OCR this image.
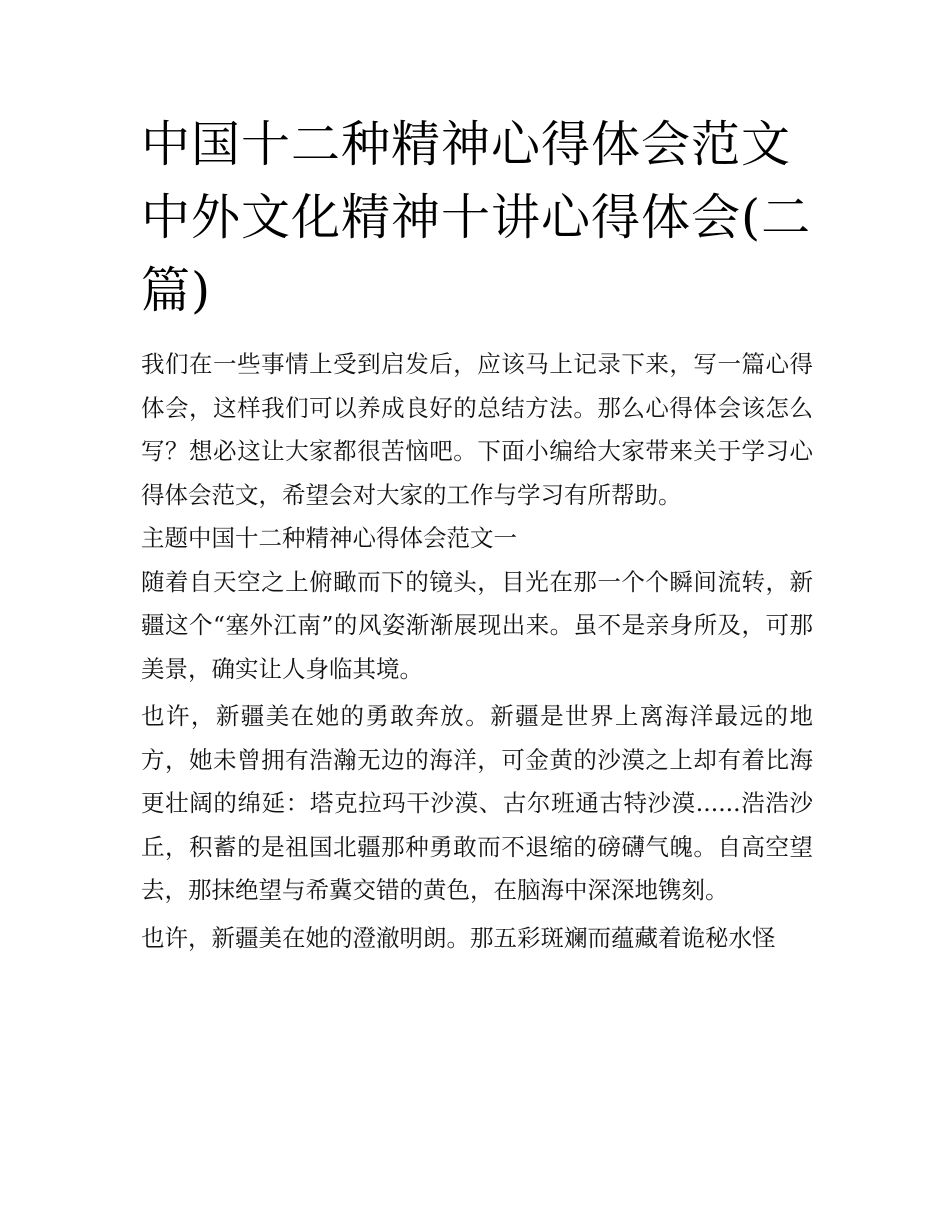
中国十二种精神心得体会范文中外文化精神十讲心得体会(二篇)

我们在一些事情上受到启发后，应该马上记录下来，写一篇心得体会，这样我们可以养成良好的总结方法。那么心得体会该怎么写？想必这让大家都很苦恼吧。下面小编给大家带来关于学习心得体会范文，希望会对大家的工作与学习有所帮助。

主题中国十二种精神心得体会范文一

随着自天空之上俯瞰而下的镜头，目光在那一个个瞬间流转，新疆这个“塞外江南”的风姿渐渐展现出来。虽不是亲身所及，可那美景，确实让人身临其境。

也许，新疆美在她的勇敢奔放。新疆是世界上离海洋最远的地方，她未曾拥有浩瀚无边的海洋，可金黄的沙漠之上却有着比海更壮阔的绵延：塔克拉玛干沙漠、古尔班通古特沙漠......浩浩沙丘，积蓄的是祖国北疆那种勇敢而不退缩的磅礴气魄。自高空望去，那抹绝望与希冀交错的黄色，在脑海中深深地镌刻。

也许，新疆美在她的澄澈明朗。那五彩斑斓而蕴藏着诡秘水怪
